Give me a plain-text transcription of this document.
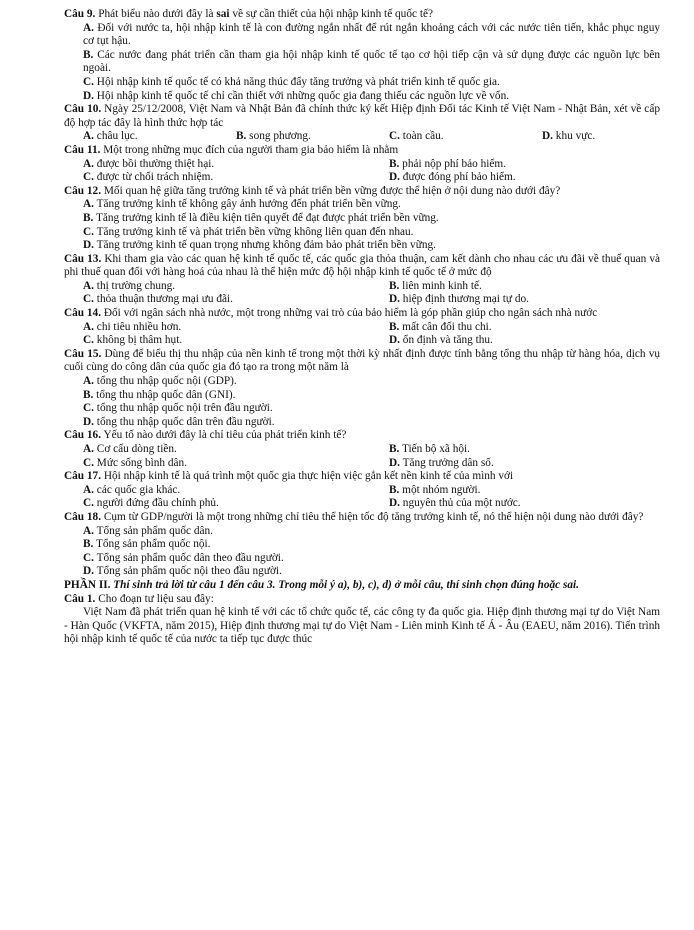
Câu 9. Phát biểu nào dưới đây là sai về sự cần thiết của hội nhập kinh tế quốc tế?

A. Đối với nước ta, hội nhập kinh tế là con đường ngắn nhất để rút ngắn khoảng cách với các nước tiên tiến, khắc phục nguy cơ tụt hậu.

B. Các nước đang phát triển cần tham gia hội nhập kinh tế quốc tế tạo cơ hội tiếp cận và sử dụng được các nguồn lực bên ngoài.

C. Hội nhập kinh tế quốc tế có khả năng thúc đẩy tăng trưởng và phát triển kinh tế quốc gia.

D. Hội nhập kinh tế quốc tế chỉ cần thiết với những quốc gia đang thiếu các nguồn lực về vốn.

Câu 10. Ngày 25/12/2008, Việt Nam và Nhật Bản đã chính thức ký kết Hiệp định Đối tác Kinh tế Việt Nam - Nhật Bản, xét về cấp độ hợp tác đây là hình thức hợp tác

A. châu lục.	B. song phương.	C. toàn cầu.	D. khu vực.

Câu 11. Một trong những mục đích của người tham gia bảo hiểm là nhằm

A. được bồi thường thiệt hại.	B. phải nộp phí bảo hiểm.
C. được từ chối trách nhiệm.	D. được đóng phí bảo hiểm.

Câu 12. Mối quan hệ giữa tăng trưởng kinh tế và phát triển bền vững được thể hiện ở nội dung nào dưới đây?

A. Tăng trưởng kinh tế không gây ảnh hưởng đến phát triển bền vững.

B. Tăng trưởng kinh tế là điều kiện tiên quyết để đạt được phát triển bền vững.

C. Tăng trưởng kinh tế và phát triển bền vững không liên quan đến nhau.

D. Tăng trưởng kinh tế quan trọng nhưng không đảm bảo phát triển bền vững.

Câu 13. Khi tham gia vào các quan hệ kinh tế quốc tế, các quốc gia thỏa thuận, cam kết dành cho nhau các ưu đãi về thuế quan và phi thuế quan đối với hàng hoá của nhau là thể hiện mức độ hội nhập kinh tế quốc tế ở mức độ

A. thị trường chung.	B. liên minh kinh tế.
C. thỏa thuận thương mại ưu đãi.	D. hiệp định thương mại tự do.

Câu 14. Đối với ngân sách nhà nước, một trong những vai trò của bảo hiểm là góp phần giúp cho ngân sách nhà nước

A. chi tiêu nhiều hơn.	B. mất cân đối thu chi.
C. không bị thâm hụt.	D. ổn định và tăng thu.

Câu 15. Dùng để biểu thị thu nhập của nền kinh tế trong một thời kỳ nhất định được tính bằng tổng thu nhập từ hàng hóa, dịch vụ cuối cùng do công dân của quốc gia đó tạo ra trong một năm là

A. tổng thu nhập quốc nội (GDP).

B. tổng thu nhập quốc dân (GNI).

C. tổng thu nhập quốc nội trên đầu người.

D. tổng thu nhập quốc dân trên đầu người.

Câu 16. Yếu tố nào dưới đây là chỉ tiêu của phát triển kinh tế?

A. Cơ cấu dòng tiền.	B. Tiến bộ xã hội.
C. Mức sống bình dân.	D. Tăng trưởng dân số.

Câu 17. Hội nhập kinh tế là quá trình một quốc gia thực hiện việc gắn kết nền kinh tế của mình với

A. các quốc gia khác.	B. một nhóm người.
C. người đứng đầu chính phủ.	D. nguyên thủ của một nước.

Câu 18. Cụm từ GDP/người là một trong những chỉ tiêu thể hiện tốc độ tăng trưởng kinh tế, nó thể hiện nội dung nào dưới đây?

A. Tổng sản phẩm quốc dân.

B. Tổng sản phẩm quốc nội.

C. Tổng sản phẩm quốc dân theo đầu người.

D. Tổng sản phẩm quốc nội theo đầu người.

PHẦN II. Thí sinh trả lời từ câu 1 đến câu 3. Trong mỗi ý a), b), c), d) ở mỗi câu, thí sinh chọn đúng hoặc sai.

Câu 1. Cho đoạn tư liệu sau đây:

Việt Nam đã phát triển quan hệ kinh tế với các tổ chức quốc tế, các công ty đa quốc gia. Hiệp định thương mại tự do Việt Nam - Hàn Quốc (VKFTA, năm 2015), Hiệp định thương mại tự do Việt Nam - Liên minh Kinh tế Á - Âu (EAEU, năm 2016). Tiến trình hội nhập kinh tế quốc tế của nước ta tiếp tục được thúc
